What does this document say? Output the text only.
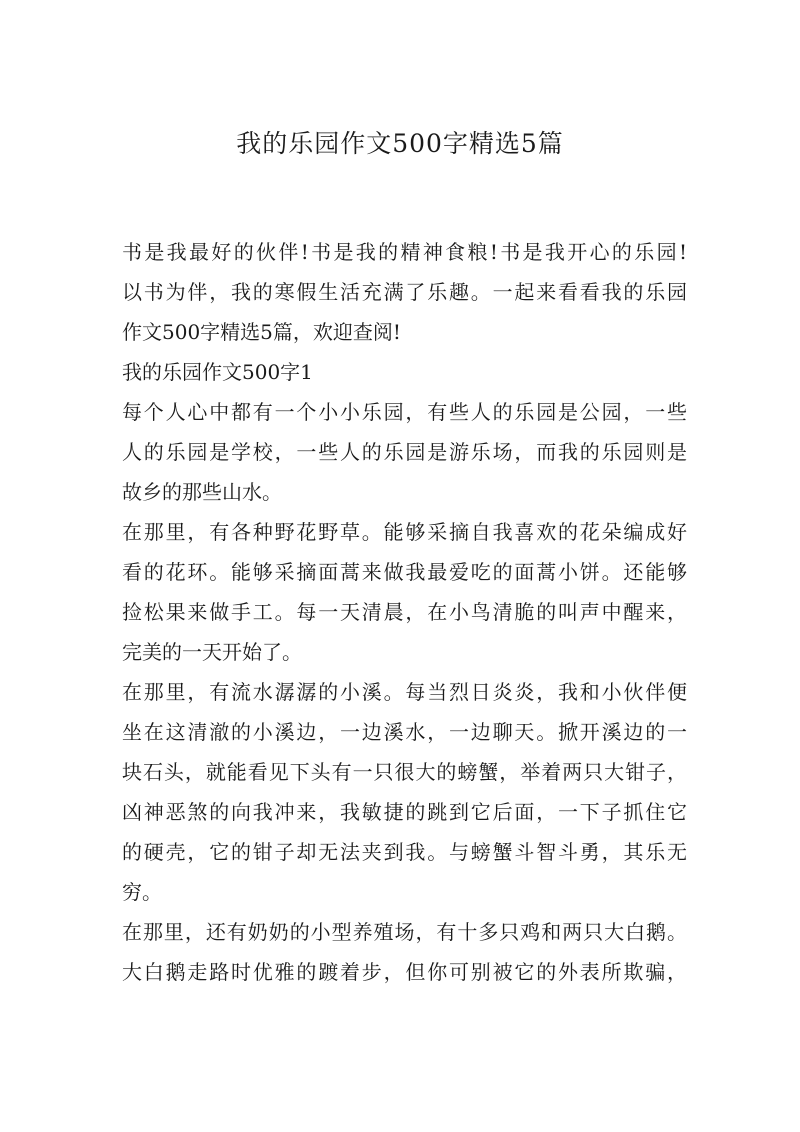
我的乐园作文500字精选5篇
书是我最好的伙伴!书是我的精神食粮!书是我开心的乐园!
以书为伴，我的寒假生活充满了乐趣。一起来看看我的乐园
作文500字精选5篇，欢迎查阅!
我的乐园作文500字1
每个人心中都有一个小小乐园，有些人的乐园是公园，一些
人的乐园是学校，一些人的乐园是游乐场，而我的乐园则是
故乡的那些山水。
在那里，有各种野花野草。能够采摘自我喜欢的花朵编成好
看的花环。能够采摘面蒿来做我最爱吃的面蒿小饼。还能够
捡松果来做手工。每一天清晨，在小鸟清脆的叫声中醒来，
完美的一天开始了。
在那里，有流水潺潺的小溪。每当烈日炎炎，我和小伙伴便
坐在这清澈的小溪边，一边溪水，一边聊天。掀开溪边的一
块石头，就能看见下头有一只很大的螃蟹，举着两只大钳子，
凶神恶煞的向我冲来，我敏捷的跳到它后面，一下子抓住它
的硬壳，它的钳子却无法夹到我。与螃蟹斗智斗勇，其乐无
穷。
在那里，还有奶奶的小型养殖场，有十多只鸡和两只大白鹅。
大白鹅走路时优雅的踱着步，但你可别被它的外表所欺骗，
